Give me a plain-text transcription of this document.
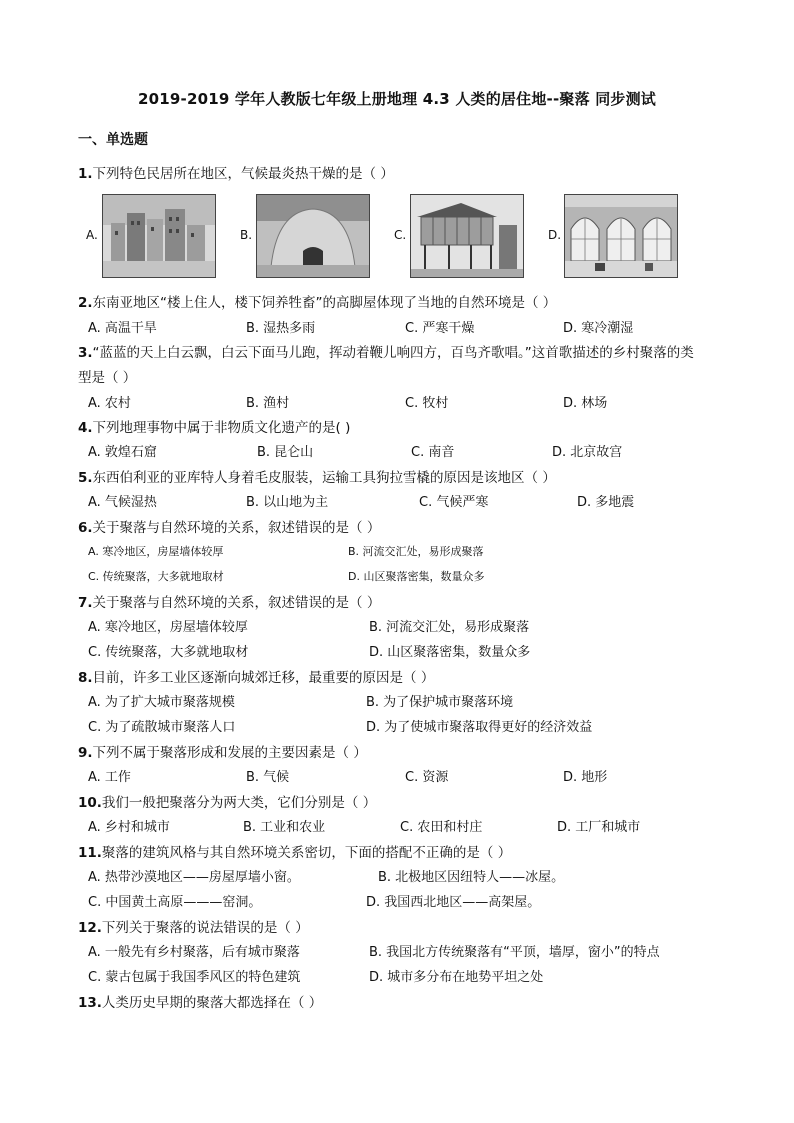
2019-2019 学年人教版七年级上册地理 4.3 人类的居住地--聚落 同步测试
一、单选题
1.下列特色民居所在地区，气候最炎热干燥的是（ ）
A.	B.	C.	D.
2.东南亚地区“楼上住人，楼下饲养牲畜”的高脚屋体现了当地的自然环境是（ ）
A. 高温干旱	B. 湿热多雨	C. 严寒干燥	D. 寒冷潮湿
3.“蓝蓝的天上白云飘，白云下面马儿跑，挥动着鞭儿响四方，百鸟齐歌唱。”这首歌描述的乡村聚落的类
型是（ ）
A. 农村	B. 渔村	C. 牧村	D. 林场
4.下列地理事物中属于非物质文化遗产的是( )
A. 敦煌石窟	B. 昆仑山	C. 南音	D. 北京故宫
5.东西伯利亚的亚库特人身着毛皮服装，运输工具狗拉雪橇的原因是该地区（ ）
A. 气候湿热	B. 以山地为主	C. 气候严寒	D. 多地震
6.关于聚落与自然环境的关系，叙述错误的是（ ）
A. 寒冷地区，房屋墙体较厚	B. 河流交汇处，易形成聚落
C. 传统聚落，大多就地取材	D. 山区聚落密集，数量众多
7.关于聚落与自然环境的关系，叙述错误的是（ ）
A. 寒冷地区，房屋墙体较厚	B. 河流交汇处，易形成聚落
C. 传统聚落，大多就地取材	D. 山区聚落密集，数量众多
8.目前，许多工业区逐渐向城郊迁移，最重要的原因是（ ）
A. 为了扩大城市聚落规模	B. 为了保护城市聚落环境
C. 为了疏散城市聚落人口	D. 为了使城市聚落取得更好的经济效益
9.下列不属于聚落形成和发展的主要因素是（ ）
A. 工作	B. 气候	C. 资源	D. 地形
10.我们一般把聚落分为两大类，它们分别是（ ）
A. 乡村和城市	B. 工业和农业	C. 农田和村庄	D. 工厂和城市
11.聚落的建筑风格与其自然环境关系密切，下面的搭配不正确的是（ ）
A. 热带沙漠地区——房屋厚墙小窗。	B. 北极地区因纽特人——冰屋。
C. 中国黄土高原———窑洞。	D. 我国西北地区——高架屋。
12.下列关于聚落的说法错误的是（ ）
A. 一般先有乡村聚落，后有城市聚落	B. 我国北方传统聚落有“平顶，墙厚，窗小”的特点
C. 蒙古包属于我国季风区的特色建筑	D. 城市多分布在地势平坦之处
13.人类历史早期的聚落大都选择在（ ）
